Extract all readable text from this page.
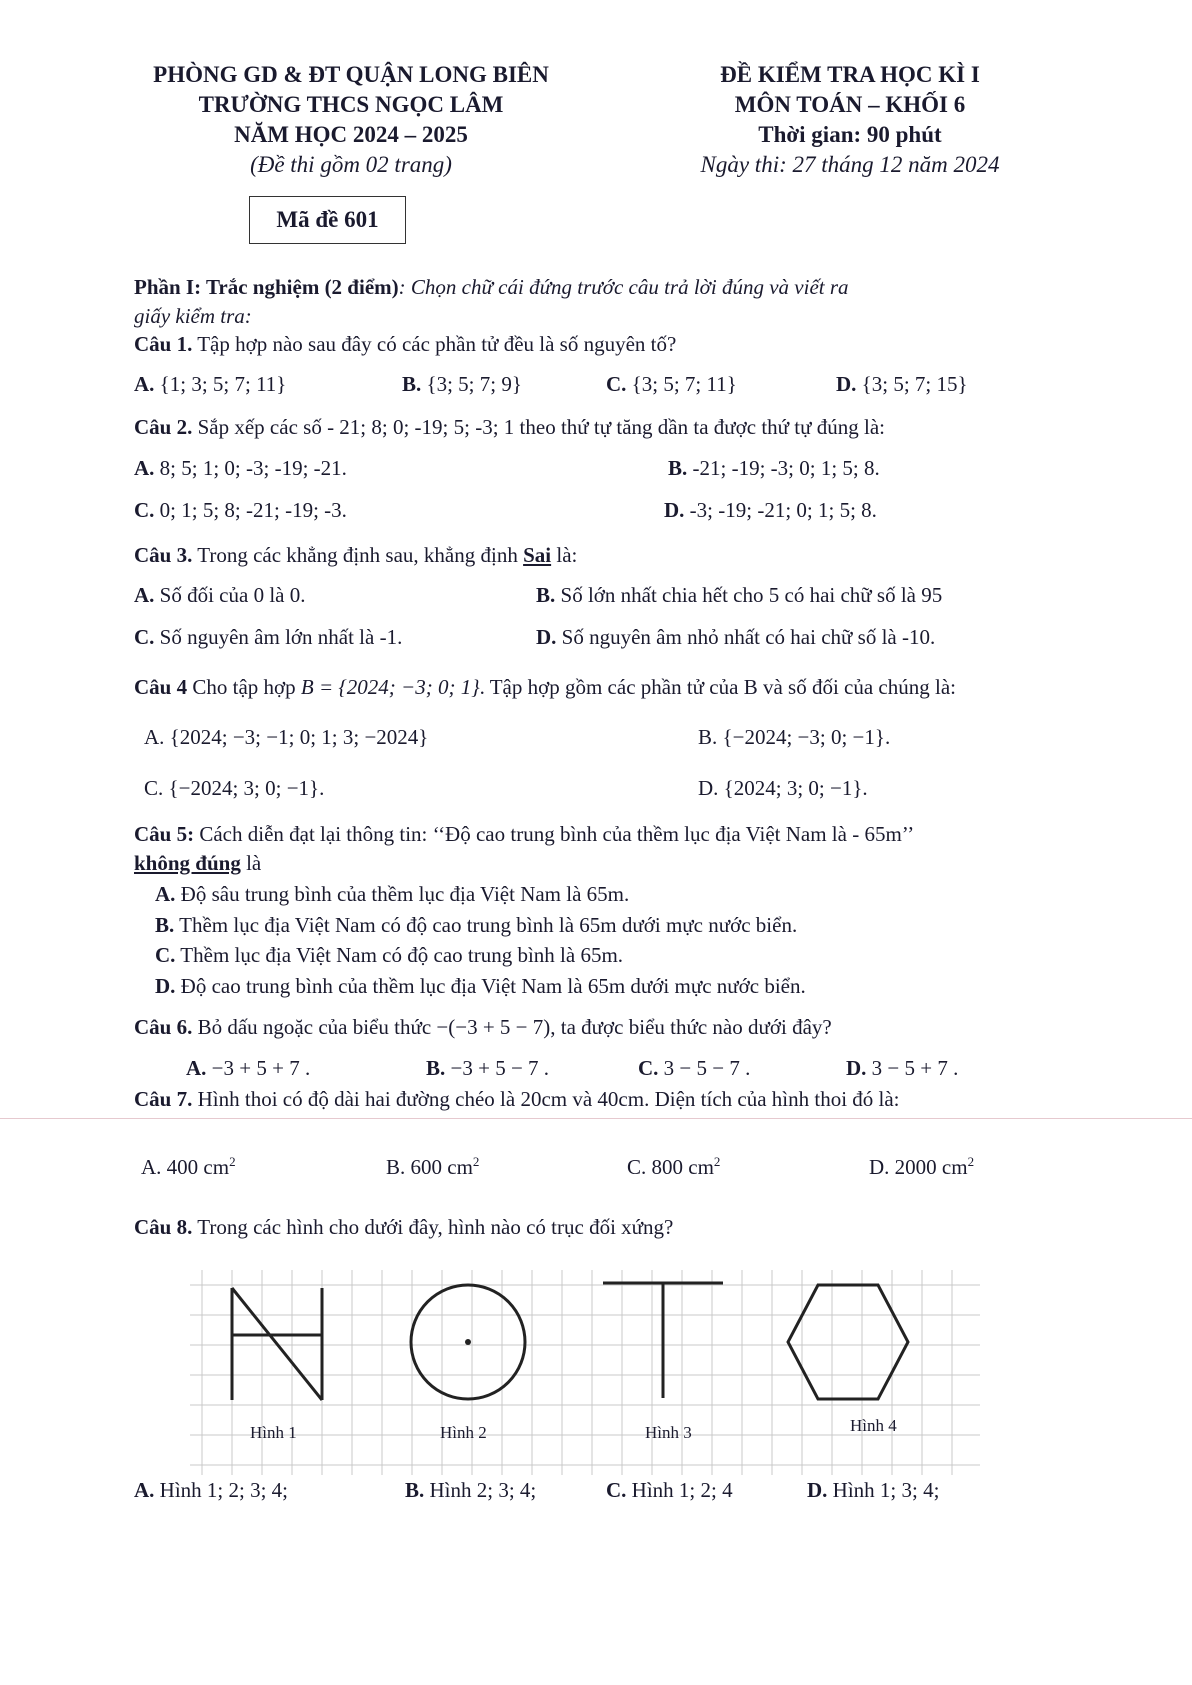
PHÒNG GD & ĐT QUẬN LONG BIÊN
TRƯỜNG THCS NGỌC LÂM
NĂM HỌC 2024 – 2025
(Đề thi gồm 02 trang)
ĐỀ KIỂM TRA HỌC KÌ I
MÔN TOÁN – KHỐI 6
Thời gian: 90 phút
Ngày thi: 27 tháng 12 năm 2024
Mã đề 601
Phần I: Trắc nghiệm (2 điểm): Chọn chữ cái đứng trước câu trả lời đúng và viết ra
giấy kiểm tra:
Câu 1. Tập hợp nào sau đây có các phần tử đều là số nguyên tố?
A. {1; 3; 5; 7; 11}	B. {3; 5; 7; 9}	C. {3; 5; 7; 11}	D. {3; 5; 7; 15}
Câu 2. Sắp xếp các số - 21; 8; 0; -19; 5; -3; 1 theo thứ tự tăng dần ta được thứ tự đúng là:
A. 8; 5; 1; 0; -3; -19; -21.	B. -21; -19; -3; 0; 1; 5; 8.
C. 0; 1; 5; 8; -21; -19; -3.	D. -3; -19; -21; 0; 1; 5; 8.
Câu 3. Trong các khẳng định sau, khẳng định Sai là:
A. Số đối của 0 là 0.	B. Số lớn nhất chia hết cho 5 có hai chữ số là 95
C. Số nguyên âm lớn nhất là -1.	D. Số nguyên âm nhỏ nhất có hai chữ số là -10.
Câu 4 Cho tập hợp B = {2024; −3; 0; 1}. Tập hợp gồm các phần tử của B và số đối của chúng là:
A. {2024; −3; −1; 0; 1; 3; −2024}	B. {−2024; −3; 0; −1}.
C. {−2024; 3; 0; −1}.	D. {2024; 3; 0; −1}.
Câu 5: Cách diễn đạt lại thông tin: ‘‘Độ cao trung bình của thềm lục địa Việt Nam là - 65m’’
không đúng là
A. Độ sâu trung bình của thềm lục địa Việt Nam là 65m.
B. Thềm lục địa Việt Nam có độ cao trung bình là 65m dưới mực nước biển.
C. Thềm lục địa Việt Nam có độ cao trung bình là 65m.
D. Độ cao trung bình của thềm lục địa Việt Nam là 65m dưới mực nước biển.
Câu 6. Bỏ dấu ngoặc của biểu thức −(−3 + 5 − 7), ta được biểu thức nào dưới đây?
A. −3 + 5 + 7 .	B. −3 + 5 − 7 .	C. 3 − 5 − 7 .	D. 3 − 5 + 7 .
Câu 7. Hình thoi có độ dài hai đường chéo là 20cm và 40cm. Diện tích của hình thoi đó là:
A. 400 $cm^2$	B. 600 $cm^2$	C. 800 $cm^2$	D. 2000 $cm^2$
Câu 8. Trong các hình cho dưới đây, hình nào có trục đối xứng?
Hình 1	Hình 2	Hình 3	Hình 4
A. Hình 1; 2; 3; 4;	B. Hình 2; 3; 4;	C. Hình 1; 2; 4	D. Hình 1; 3; 4;
